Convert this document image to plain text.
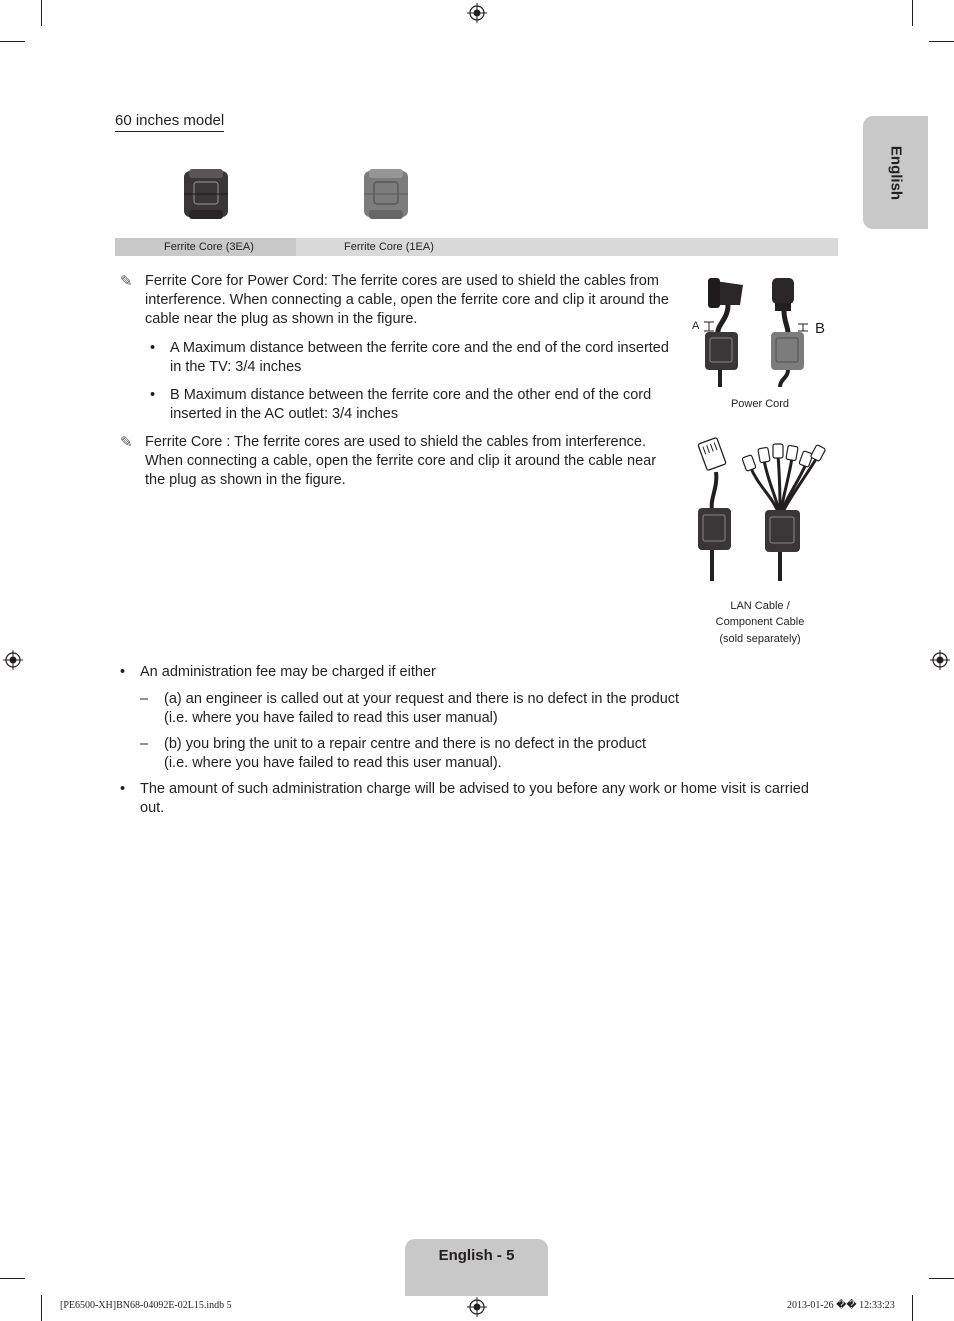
English
60 inches model
Ferrite Core (3EA)	Ferrite Core (1EA)
✎ Ferrite Core for Power Cord: The ferrite cores are used to shield the cables from interference. When connecting a cable, open the ferrite core and clip it around the cable near the plug as shown in the figure.
• A Maximum distance between the ferrite core and the end of the cord inserted in the TV: 3/4 inches
• B Maximum distance between the ferrite core and the other end of the cord inserted in the AC outlet: 3/4 inches
✎ Ferrite Core : The ferrite cores are used to shield the cables from interference. When connecting a cable, open the ferrite core and clip it around the cable near the plug as shown in the figure.
A	B
Power Cord
LAN Cable /
Component Cable
(sold separately)
• An administration fee may be charged if either
– (a) an engineer is called out at your request and there is no defect in the product
(i.e. where you have failed to read this user manual)
– (b) you bring the unit to a repair centre and there is no defect in the product
(i.e. where you have failed to read this user manual).
• The amount of such administration charge will be advised to you before any work or home visit is carried out.
English - 5
[PE6500-XH]BN68-04092E-02L15.indb 5	2013-01-26 �� 12:33:23
